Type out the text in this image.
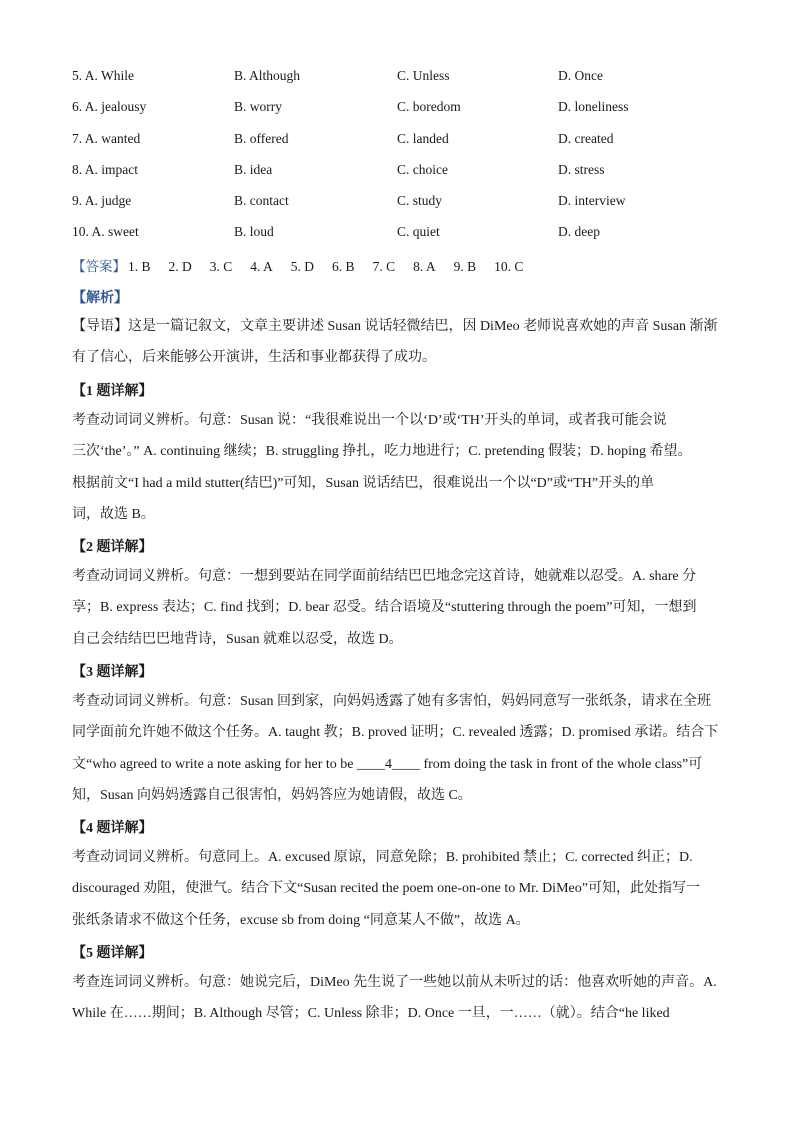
5. A. While	B. Although	C. Unless	D. Once
6. A. jealousy	B. worry	C. boredom	D. loneliness
7. A. wanted	B. offered	C. landed	D. created
8. A. impact	B. idea	C. choice	D. stress
9. A. judge	B. contact	C. study	D. interview
10. A. sweet	B. loud	C. quiet	D. deep
【答案】 1. B 2. D 3. C 4. A 5. D 6. B 7. C 8. A 9. B 10. C
【解析】
【导语】这是一篇记叙文，文章主要讲述 Susan 说话轻微结巴，因 DiMeo 老师说喜欢她的声音 Susan 渐渐
有了信心，后来能够公开演讲，生活和事业都获得了成功。
【1 题详解】
考查动词词义辨析。句意：Susan 说：“我很难说出一个以‘D’或‘TH’开头的单词，或者我可能会说
三次‘the’。” A. continuing 继续；B. struggling 挣扎，吃力地进行；C. pretending 假装；D. hoping 希望。
根据前文“I had a mild stutter(结巴)”可知，Susan 说话结巴，很难说出一个以“D”或“TH”开头的单
词，故选 B。
【2 题详解】
考查动词词义辨析。句意：一想到要站在同学面前结结巴巴地念完这首诗，她就难以忍受。A. share 分
享；B. express 表达；C. find 找到；D. bear 忍受。结合语境及“stuttering through the poem”可知，一想到
自己会结结巴巴地背诗，Susan 就难以忍受，故选 D。
【3 题详解】
考查动词词义辨析。句意：Susan 回到家，向妈妈透露了她有多害怕，妈妈同意写一张纸条，请求在全班
同学面前允许她不做这个任务。A. taught 教；B. proved 证明；C. revealed 透露；D. promised 承诺。结合下
文“who agreed to write a note asking for her to be ____4____ from doing the task in front of the whole class”可
知，Susan 向妈妈透露自己很害怕，妈妈答应为她请假，故选 C。
【4 题详解】
考查动词词义辨析。句意同上。A. excused 原谅，同意免除；B. prohibited 禁止；C. corrected 纠正；D.
discouraged 劝阻，使泄气。结合下文“Susan recited the poem one-on-one to Mr. DiMeo”可知，此处指写一
张纸条请求不做这个任务，excuse sb from doing “同意某人不做”，故选 A。
【5 题详解】
考查连词词义辨析。句意：她说完后，DiMeo 先生说了一些她以前从未听过的话：他喜欢听她的声音。A.
While 在……期间；B. Although 尽管；C. Unless 除非；D. Once 一旦，一……（就）。结合“he liked
